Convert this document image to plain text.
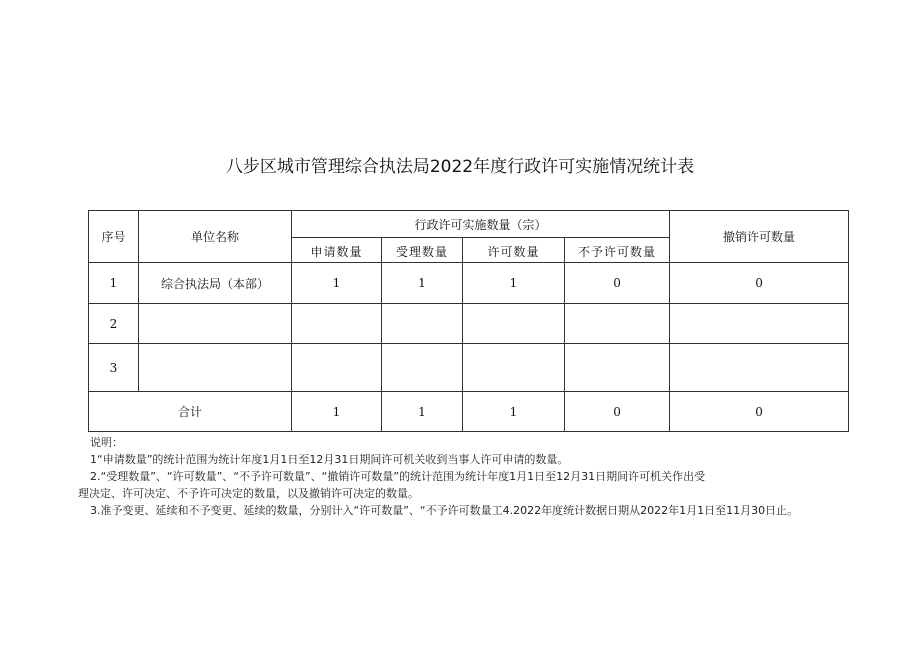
八步区城市管理综合执法局2022年度行政许可实施情况统计表
序号	单位名称	行政许可实施数量（宗）				撤销许可数量
		申请数量	受理数量	许可数量	不予许可数量	
1	综合执法局（本部）	1	1	1	0	0
2						
3						
合计		1	1	1	0	0

说明：

1“申请数量”的统计范围为统计年度1月1日至12月31日期间许可机关收到当事人许可申请的数量。

2.“受理数量”、“许可数量”、“不予许可数量”、“撤销许可数量”的统计范围为统计年度1月1日至12月31日期间许可机关作出受

理决定、许可决定、不予许可决定的数量，以及撤销许可决定的数量。

3.准予变更、延续和不予变更、延续的数量，分别计入“许可数量”、“不予许可数量工4.2022年度统计数据日期从2022年1月1日至11月30日止。
